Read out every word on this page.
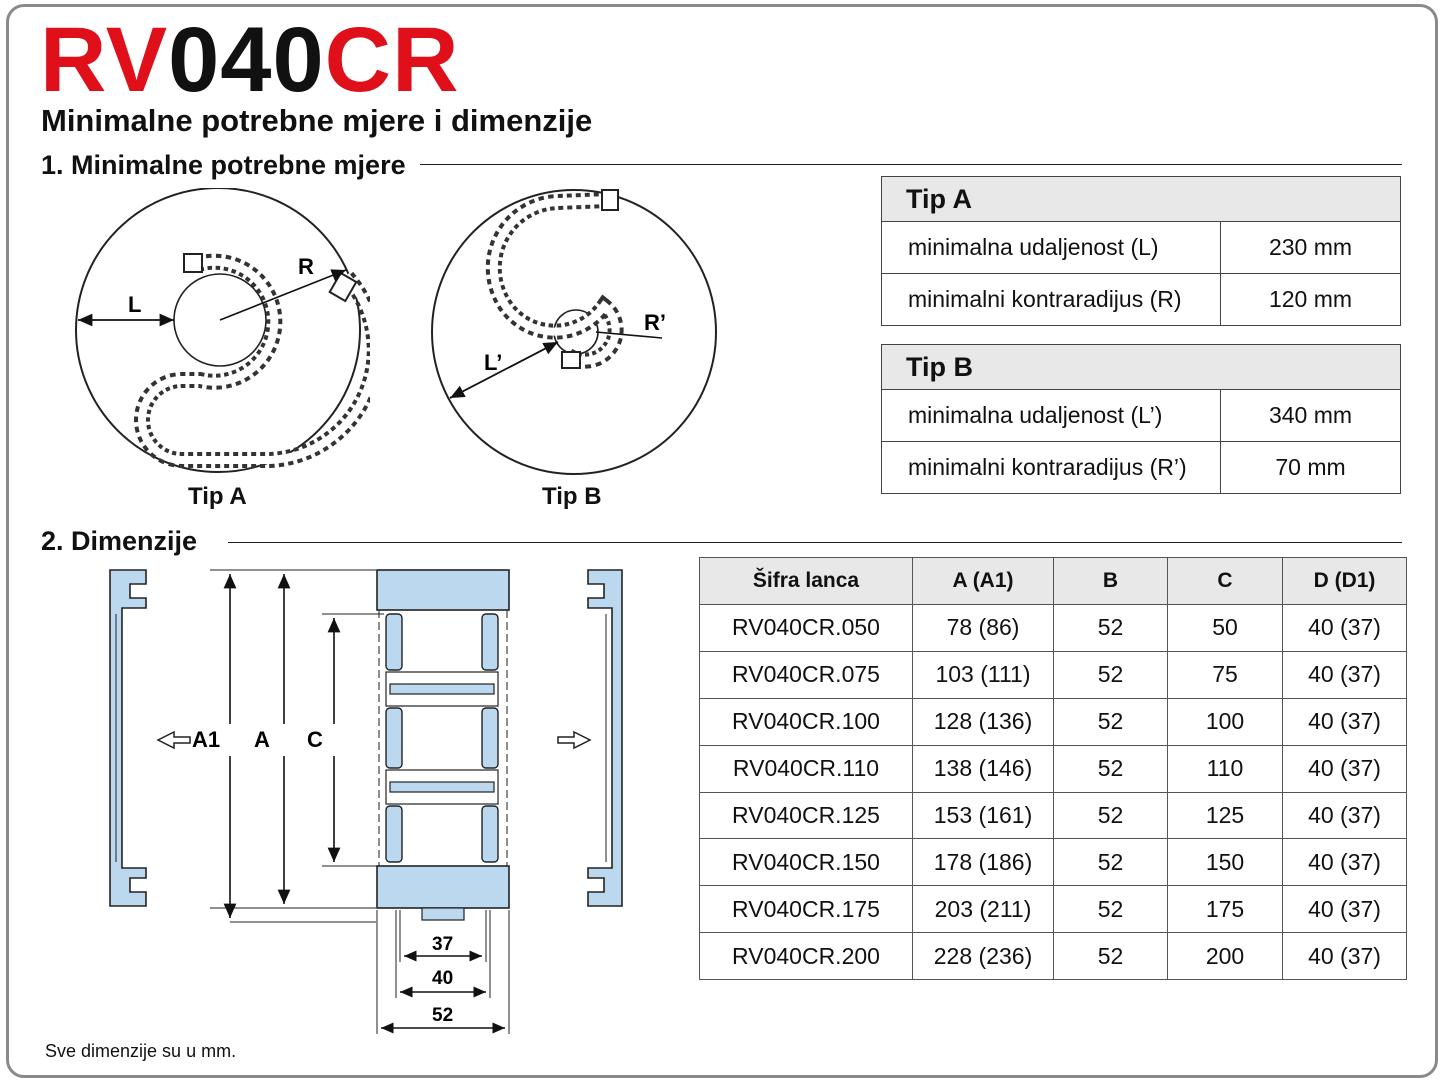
RV040CR
Minimalne potrebne mjere i dimenzije
1. Minimalne potrebne mjere
L
R
Tip A
L’
R’
Tip B
Tip A	
minimalna udaljenost (L)	230 mm
minimalni kontraradijus (R)	120 mm
Tip B	
minimalna udaljenost (L’)	340 mm
minimalni kontraradijus (R’)	70 mm
2. Dimenzije
A1 A C
37
40
52
Šifra lanca	A (A1)	B	C	D (D1)
RV040CR.050	78 (86)	52	50	40 (37)
RV040CR.075	103 (111)	52	75	40 (37)
RV040CR.100	128 (136)	52	100	40 (37)
RV040CR.110	138 (146)	52	110	40 (37)
RV040CR.125	153 (161)	52	125	40 (37)
RV040CR.150	178 (186)	52	150	40 (37)
RV040CR.175	203 (211)	52	175	40 (37)
RV040CR.200	228 (236)	52	200	40 (37)
Sve dimenzije su u mm.
